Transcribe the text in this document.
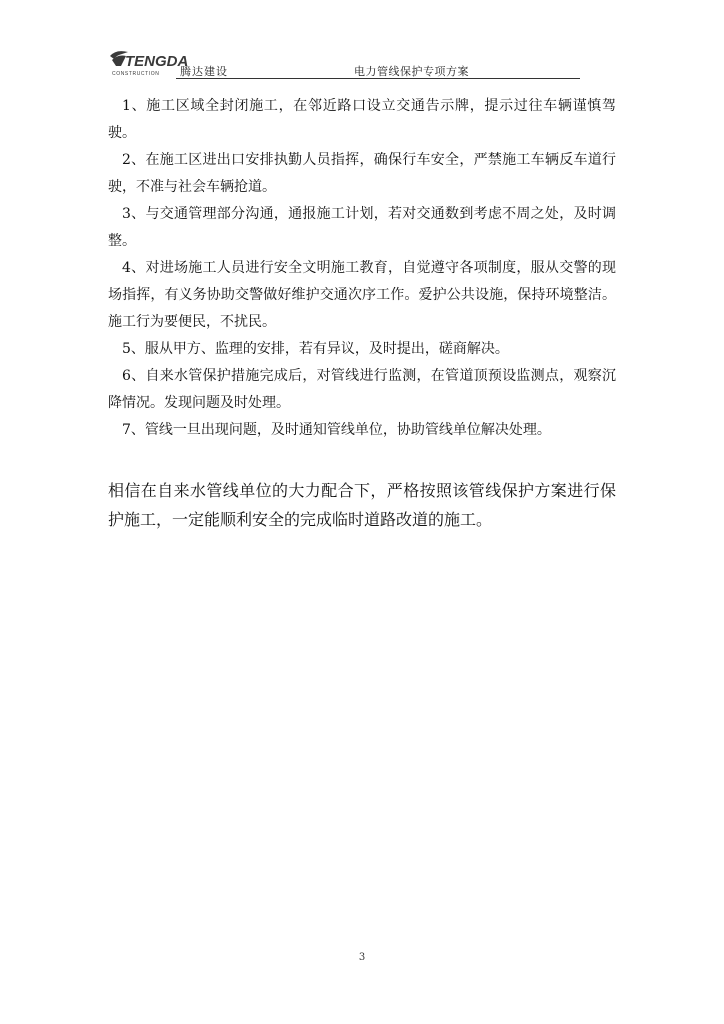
TENGDA
CONSTRUCTION 腾达建设	电力管线保护专项方案

1、施工区域全封闭施工，在邻近路口设立交通告示牌，提示过往车辆谨慎驾驶。

2、在施工区进出口安排执勤人员指挥，确保行车安全，严禁施工车辆反车道行驶，不准与社会车辆抢道。

3、与交通管理部分沟通，通报施工计划，若对交通数到考虑不周之处，及时调整。

4、对进场施工人员进行安全文明施工教育，自觉遵守各项制度，服从交警的现场指挥，有义务协助交警做好维护交通次序工作。爱护公共设施，保持环境整洁。施工行为要便民，不扰民。

5、服从甲方、监理的安排，若有异议，及时提出，磋商解决。

6、自来水管保护措施完成后，对管线进行监测，在管道顶预设监测点，观察沉降情况。发现问题及时处理。

7、管线一旦出现问题，及时通知管线单位，协助管线单位解决处理。

相信在自来水管线单位的大力配合下，严格按照该管线保护方案进行保护施工，一定能顺利安全的完成临时道路改道的施工。

3
